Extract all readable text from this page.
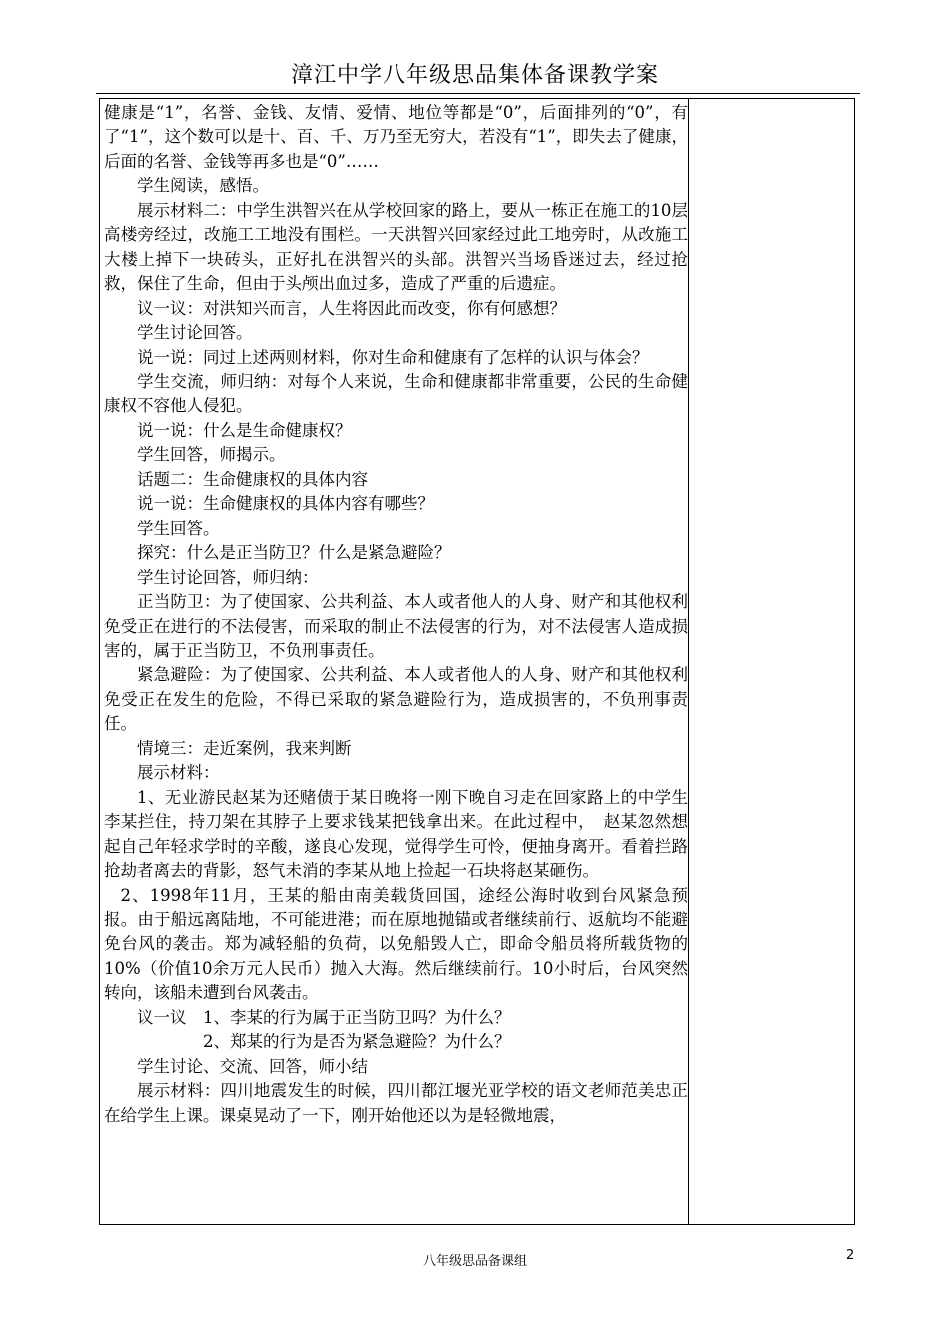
漳江中学八年级思品集体备课教学案

健康是“1”，名誉、金钱、友情、爱情、地位等都是“0”，后面排列的“0”，有了“1”，这个数可以是十、百、千、万乃至无穷大，若没有“1”，即失去了健康，后面的名誉、金钱等再多也是“0”……

学生阅读，感悟。

展示材料二：中学生洪智兴在从学校回家的路上，要从一栋正在施工的10层高楼旁经过，改施工工地没有围栏。一天洪智兴回家经过此工地旁时，从改施工大楼上掉下一块砖头，正好扎在洪智兴的头部。洪智兴当场昏迷过去，经过抢救，保住了生命，但由于头颅出血过多，造成了严重的后遗症。

议一议：对洪知兴而言，人生将因此而改变，你有何感想？

学生讨论回答。

说一说：同过上述两则材料，你对生命和健康有了怎样的认识与体会？

学生交流，师归纳：对每个人来说，生命和健康都非常重要，公民的生命健康权不容他人侵犯。

说一说：什么是生命健康权？

学生回答，师揭示。

话题二：生命健康权的具体内容

说一说：生命健康权的具体内容有哪些？

学生回答。

探究：什么是正当防卫？什么是紧急避险？

学生讨论回答，师归纳：

正当防卫：为了使国家、公共利益、本人或者他人的人身、财产和其他权利免受正在进行的不法侵害，而采取的制止不法侵害的行为，对不法侵害人造成损害的，属于正当防卫，不负刑事责任。

紧急避险：为了使国家、公共利益、本人或者他人的人身、财产和其他权利免受正在发生的危险，不得已采取的紧急避险行为，造成损害的，不负刑事责任。

情境三：走近案例，我来判断

展示材料：

1、无业游民赵某为还赌债于某日晚将一刚下晚自习走在回家路上的中学生李某拦住，持刀架在其脖子上要求钱某把钱拿出来。在此过程中，　赵某忽然想起自己年轻求学时的辛酸，遂良心发现，觉得学生可怜，便抽身离开。看着拦路抢劫者离去的背影，怒气未消的李某从地上捡起一石块将赵某砸伤。

2、1998年11月，王某的船由南美载货回国，途经公海时收到台风紧急预报。由于船远离陆地，不可能进港；而在原地抛锚或者继续前行、返航均不能避免台风的袭击。郑为减轻船的负荷，以免船毁人亡，即命令船员将所载货物的10%（价值10余万元人民币）抛入大海。然后继续前行。10小时后，台风突然转向，该船未遭到台风袭击。

议一议　1、李某的行为属于正当防卫吗？为什么？

2、郑某的行为是否为紧急避险？为什么？

学生讨论、交流、回答，师小结

展示材料：四川地震发生的时候，四川都江堰光亚学校的语文老师范美忠正在给学生上课。课桌晃动了一下，刚开始他还以为是轻微地震，

八年级思品备课组	2
